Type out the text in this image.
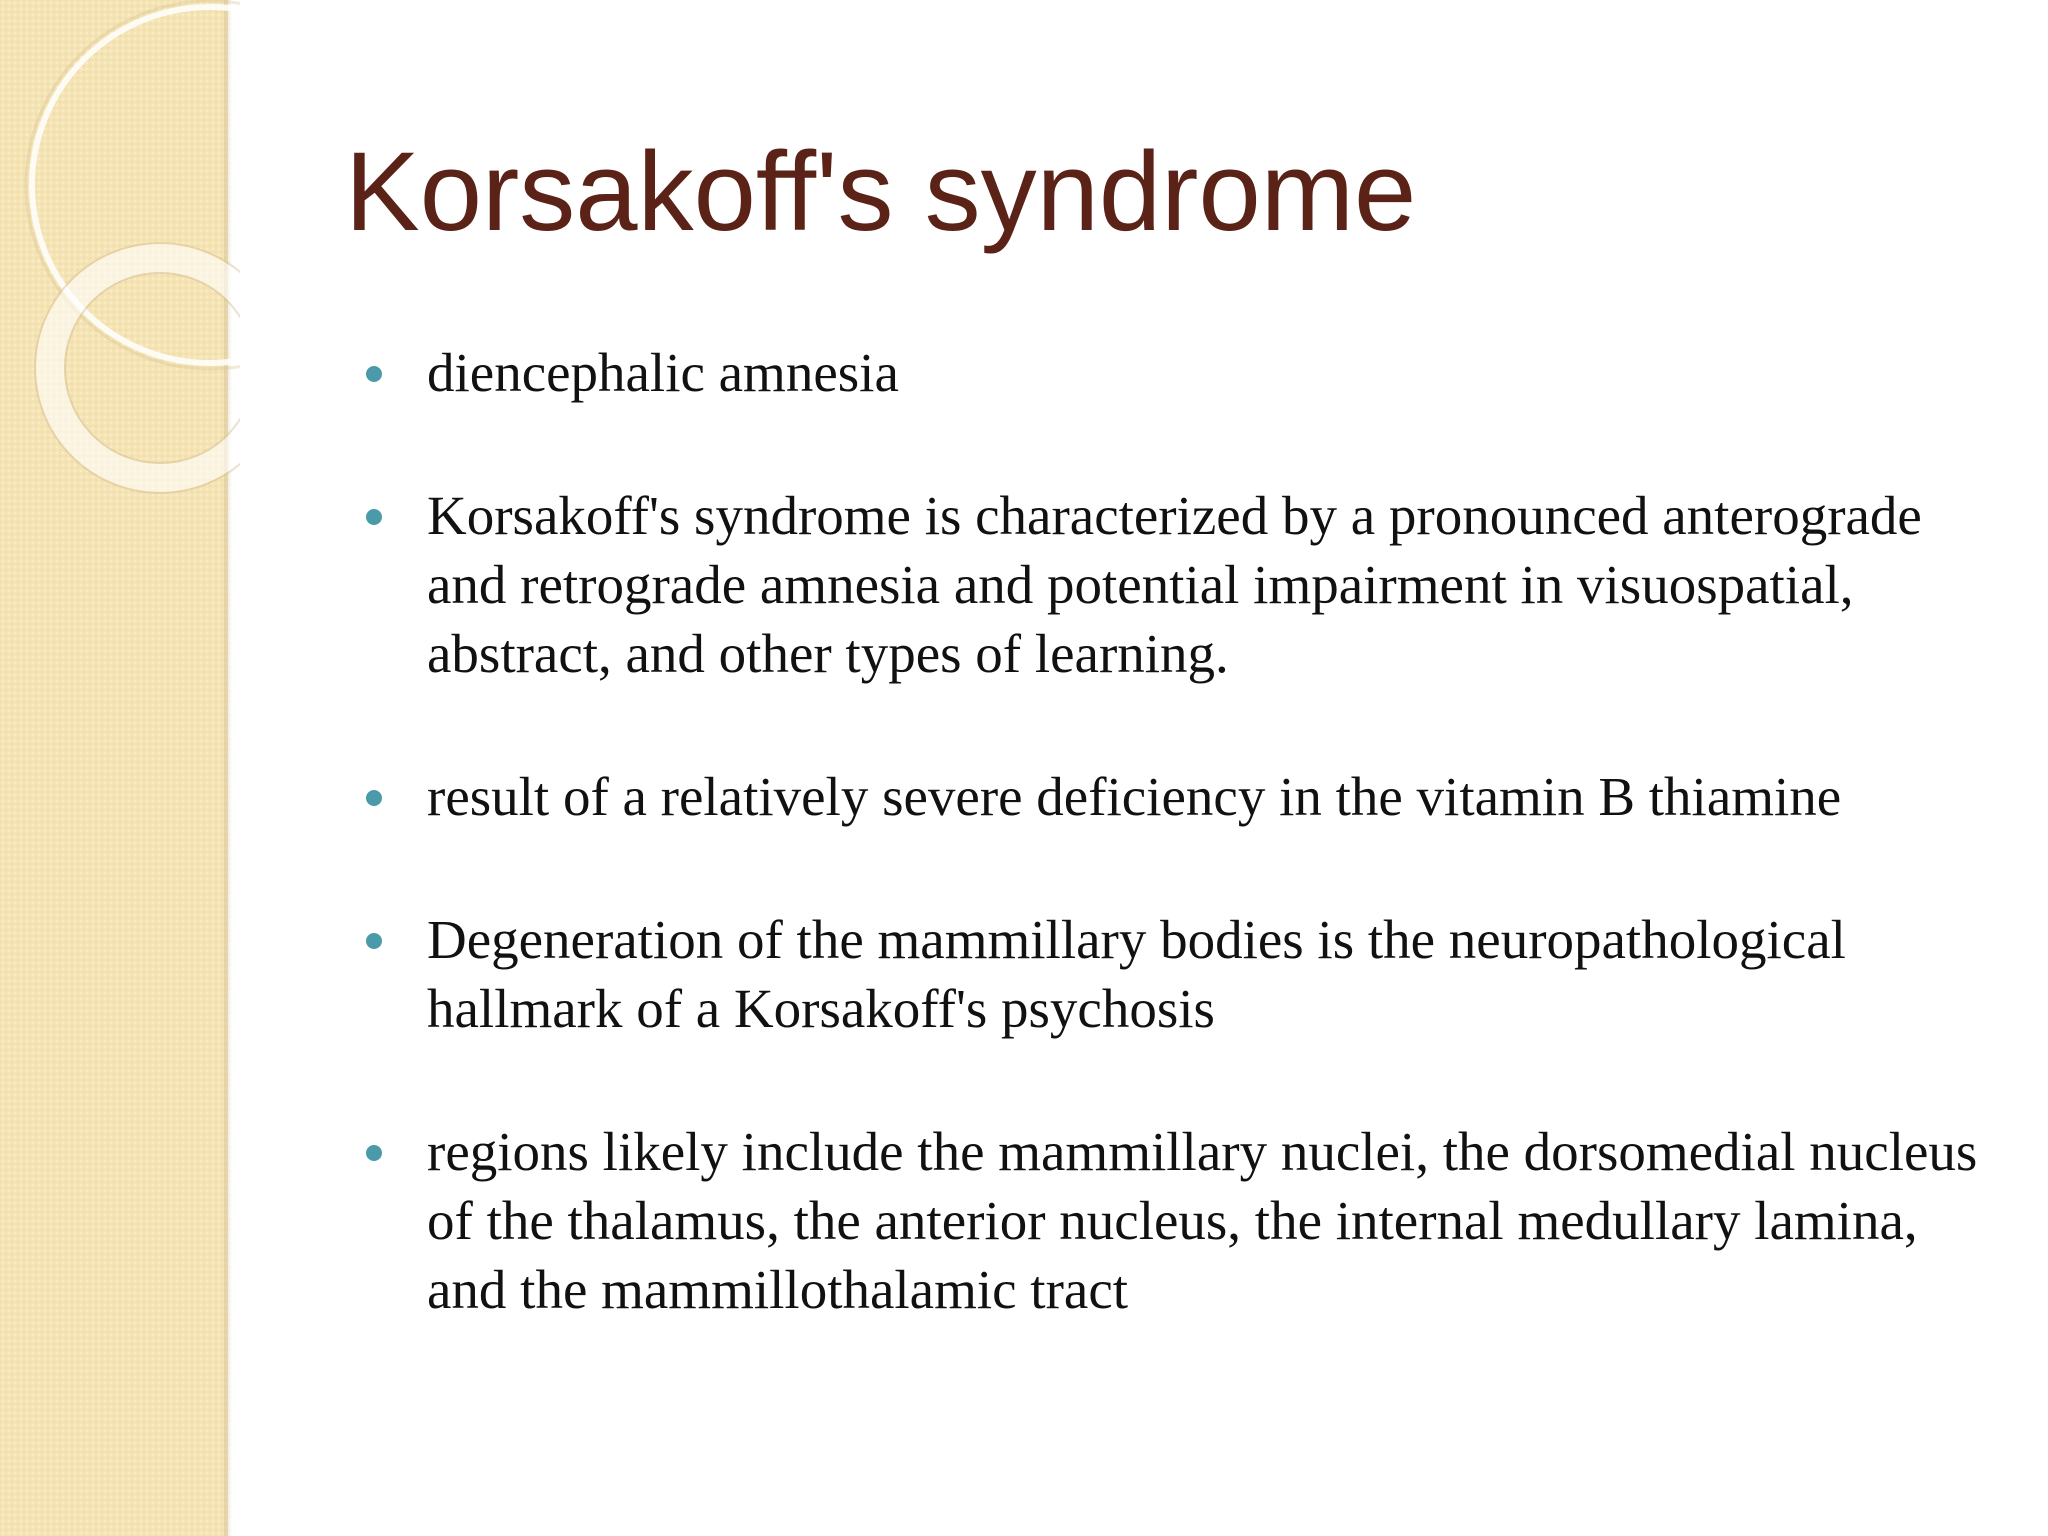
Korsakoff's syndrome
diencephalic amnesia
Korsakoff's syndrome is characterized by a pronounced anterograde and retrograde amnesia and potential impairment in visuospatial, abstract, and other types of learning.
result of a relatively severe deficiency in the vitamin B thiamine
Degeneration of the mammillary bodies is the neuropathological hallmark of a Korsakoff's psychosis
regions likely include the mammillary nuclei, the dorsomedial nucleus of the thalamus, the anterior nucleus, the internal medullary lamina, and the mammillothalamic tract
